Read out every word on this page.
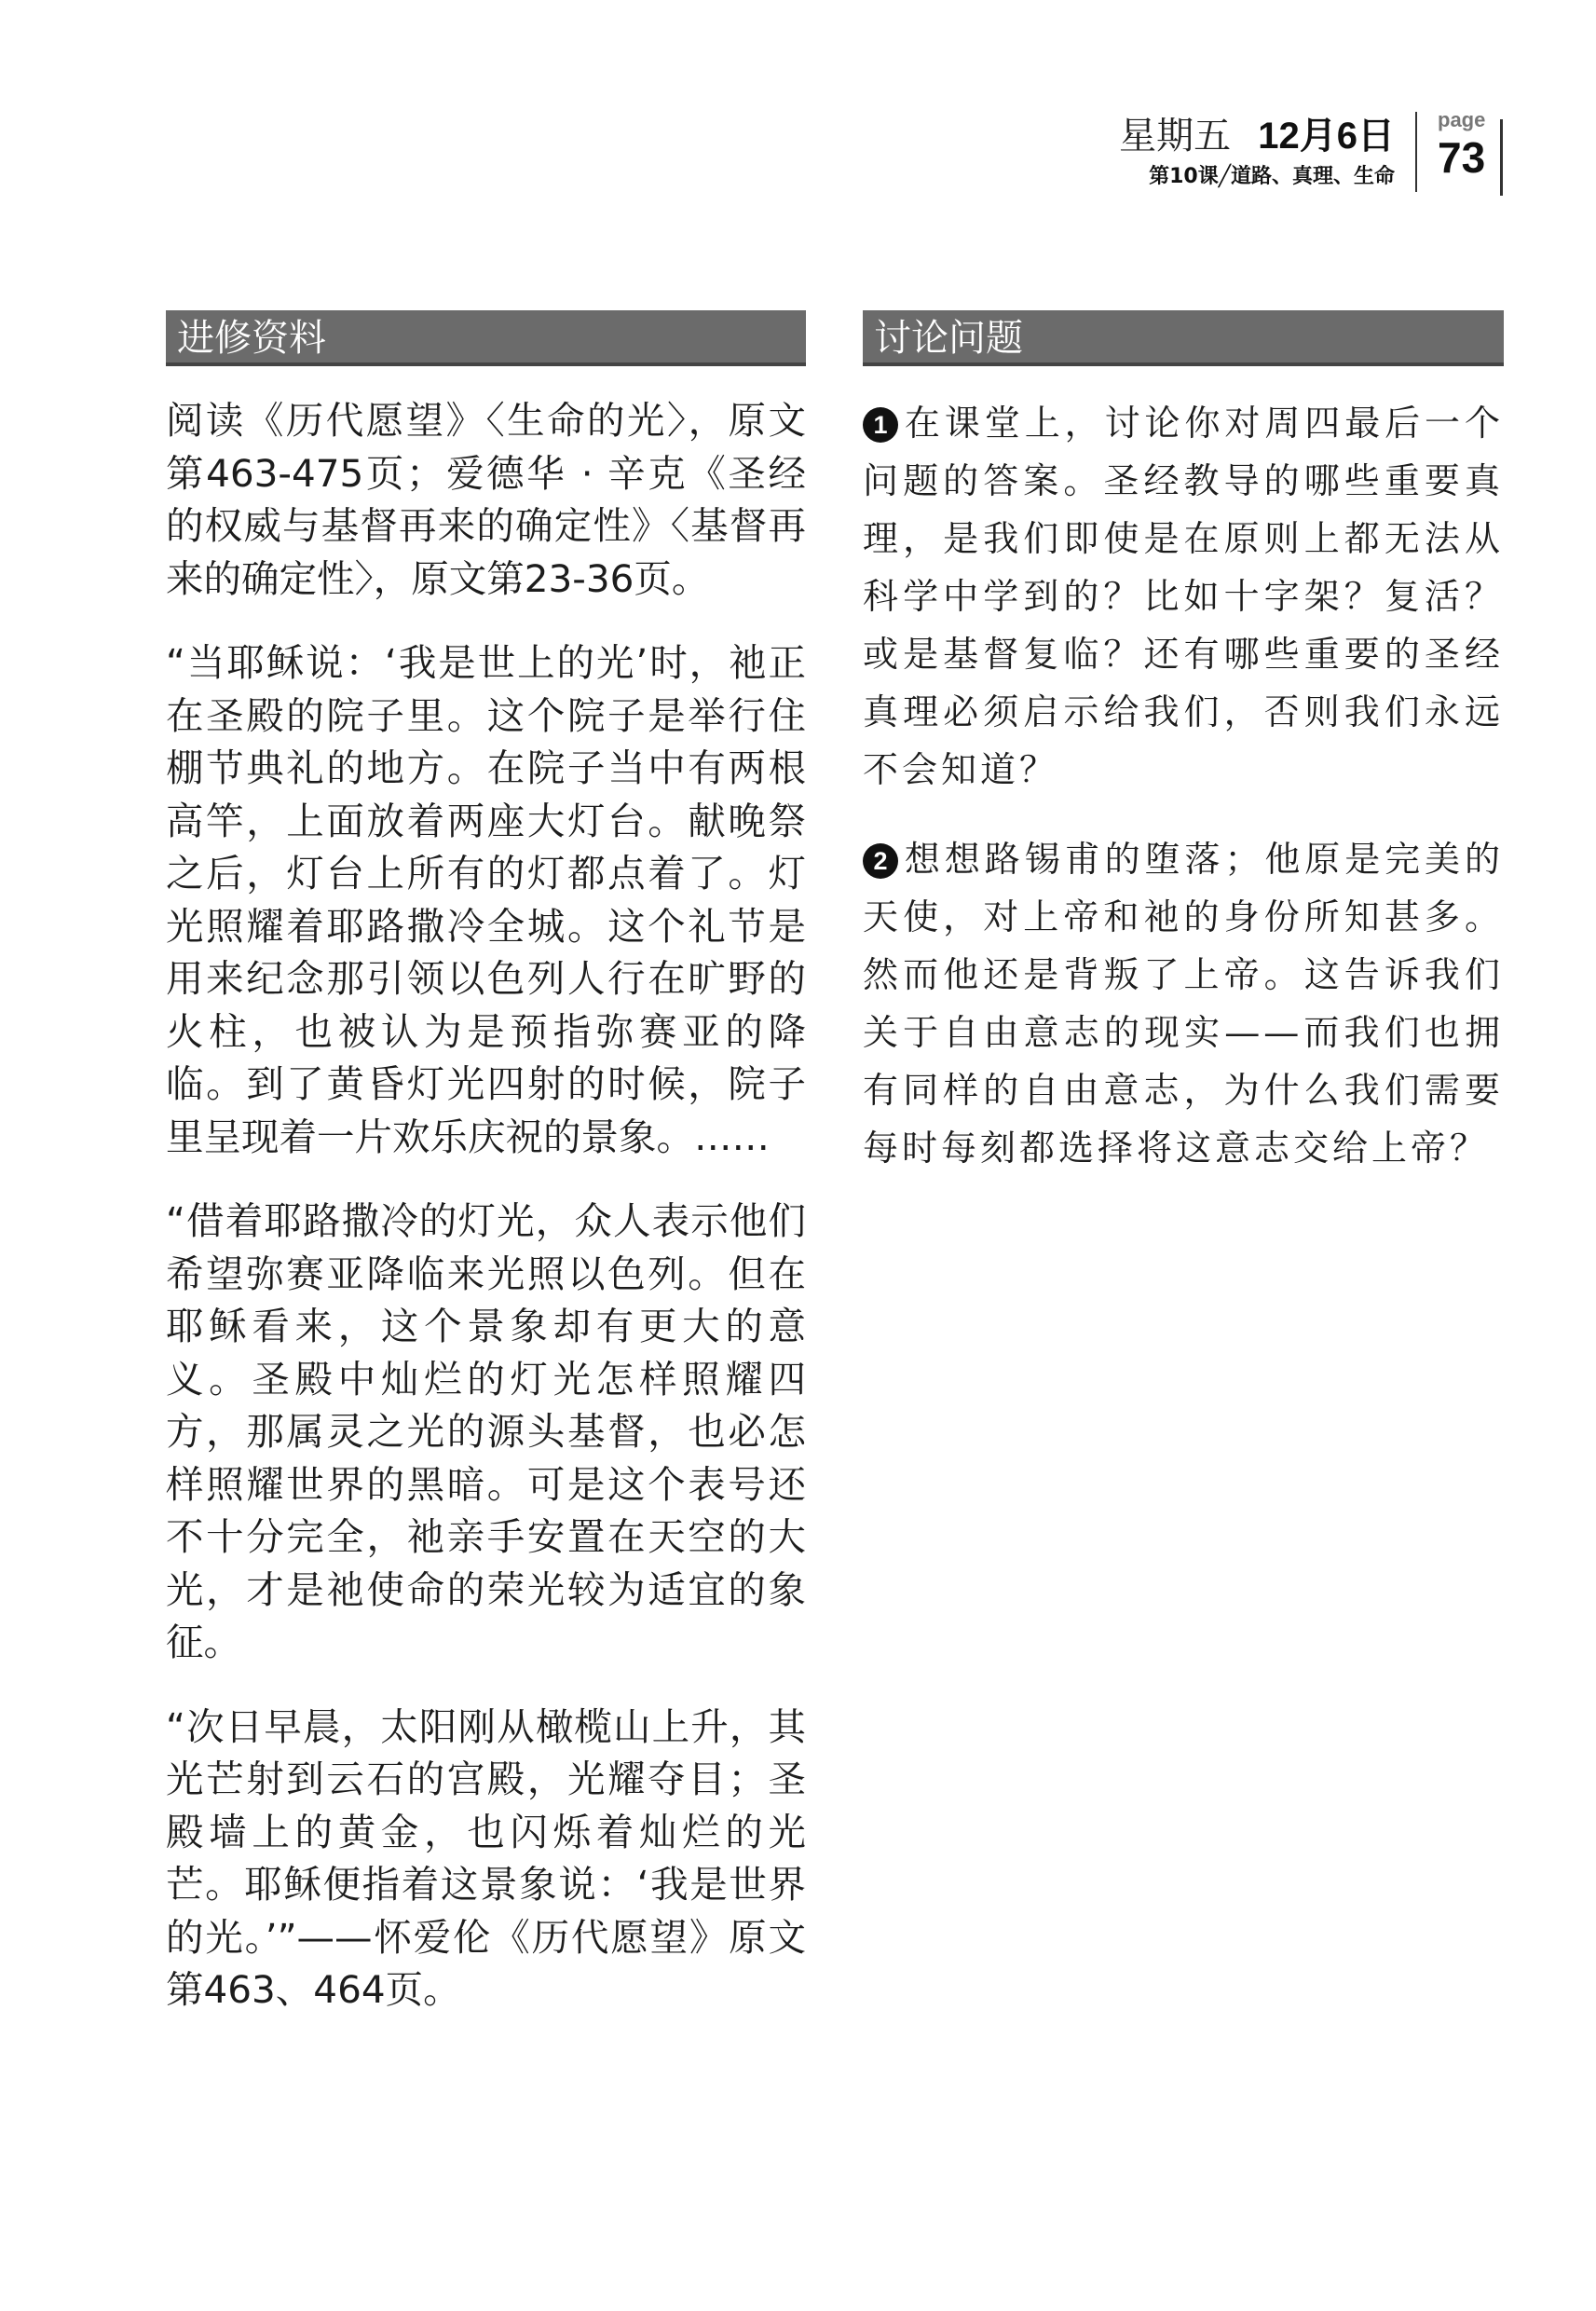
星期五 12月6日
第10课╱道路、真理、生命
page
73
进修资料

阅读《历代愿望》〈生命的光〉，原文第463-475页；爱德华 · 辛克《圣经的权威与基督再来的确定性》〈基督再来的确定性〉，原文第23-36页。

“当耶稣说：‘我是世上的光’时，祂正在圣殿的院子里。这个院子是举行住棚节典礼的地方。在院子当中有两根高竿，上面放着两座大灯台。献晚祭之后，灯台上所有的灯都点着了。灯光照耀着耶路撒冷全城。这个礼节是用来纪念那引领以色列人行在旷野的火柱，也被认为是预指弥赛亚的降临。到了黄昏灯光四射的时候，院子里呈现着一片欢乐庆祝的景象。……

“借着耶路撒冷的灯光，众人表示他们希望弥赛亚降临来光照以色列。但在耶稣看来，这个景象却有更大的意义。圣殿中灿烂的灯光怎样照耀四方，那属灵之光的源头基督，也必怎样照耀世界的黑暗。可是这个表号还不十分完全，祂亲手安置在天空的大光，才是祂使命的荣光较为适宜的象征。

“次日早晨，太阳刚从橄榄山上升，其光芒射到云石的宫殿，光耀夺目；圣殿墙上的黄金，也闪烁着灿烂的光芒。耶稣便指着这景象说：‘我是世界的光。’”——怀爱伦《历代愿望》原文第463、464页。

讨论问题

1 在课堂上，讨论你对周四最后一个问题的答案。圣经教导的哪些重要真理，是我们即使是在原则上都无法从科学中学到的？比如十字架？复活？或是基督复临？还有哪些重要的圣经真理必须启示给我们，否则我们永远不会知道？

2 想想路锡甫的堕落；他原是完美的天使，对上帝和祂的身份所知甚多。然而他还是背叛了上帝。这告诉我们关于自由意志的现实——而我们也拥有同样的自由意志，为什么我们需要每时每刻都选择将这意志交给上帝？
